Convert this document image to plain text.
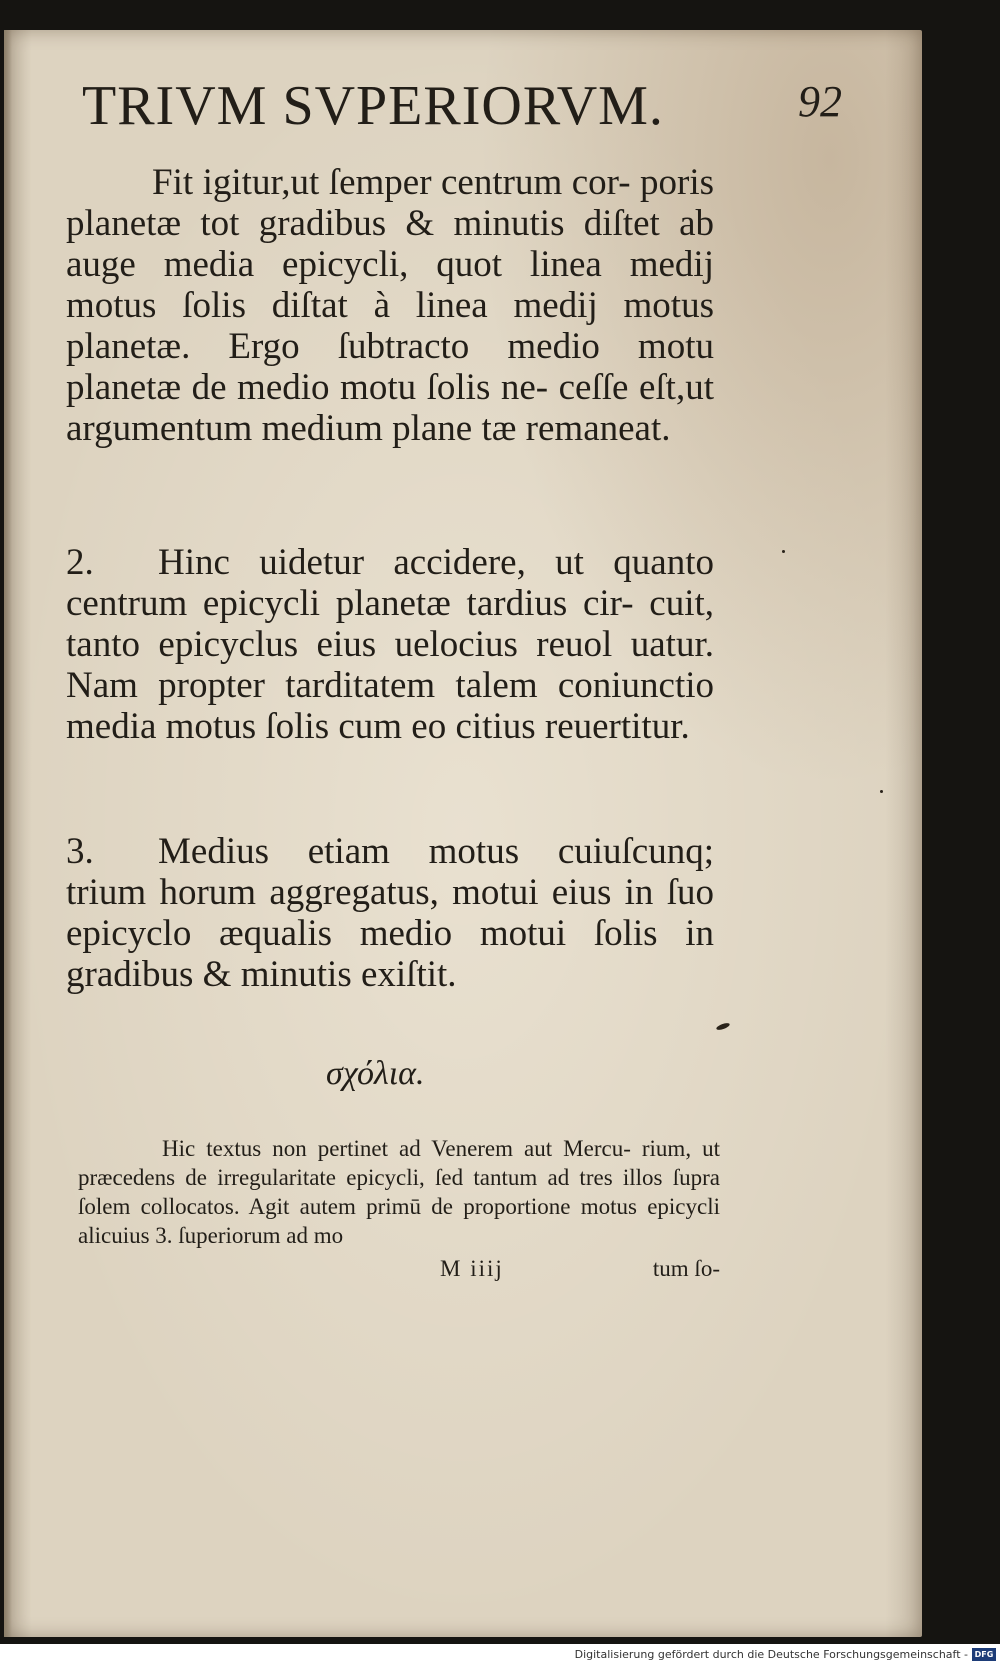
TRIVM SVPERIORVM.	92

Fit igitur,ut ſemper centrum cor- poris planetæ tot gradibus & minutis diſtet ab auge media epicycli, quot linea medij motus ſolis diſtat à linea medij motus planetæ. Ergo ſubtracto medio motu planetæ de medio motu ſolis ne- ceſſe eſt,ut argumentum medium plane tæ remaneat.

2. Hinc uidetur accidere, ut quanto centrum epicycli planetæ tardius cir- cuit, tanto epicyclus eius uelocius reuol uatur. Nam propter tarditatem talem coniunctio media motus ſolis cum eo citius reuertitur.

3. Medius etiam motus cuiuſcunq; trium horum aggregatus, motui eius in ſuo epicyclo æqualis medio motui ſolis in gradibus & minutis exiſtit.

σχόλια.

Hic textus non pertinet ad Venerem aut Mercu- rium, ut præcedens de irregularitate epicycli, ſed tantum ad tres illos ſupra ſolem collocatos. Agit autem primū de proportione motus epicycli alicuius 3. ſuperiorum ad mo

M iiij	tum ſo-
Digitalisierung gefördert durch die Deutsche Forschungsgemeinschaft - DFG
